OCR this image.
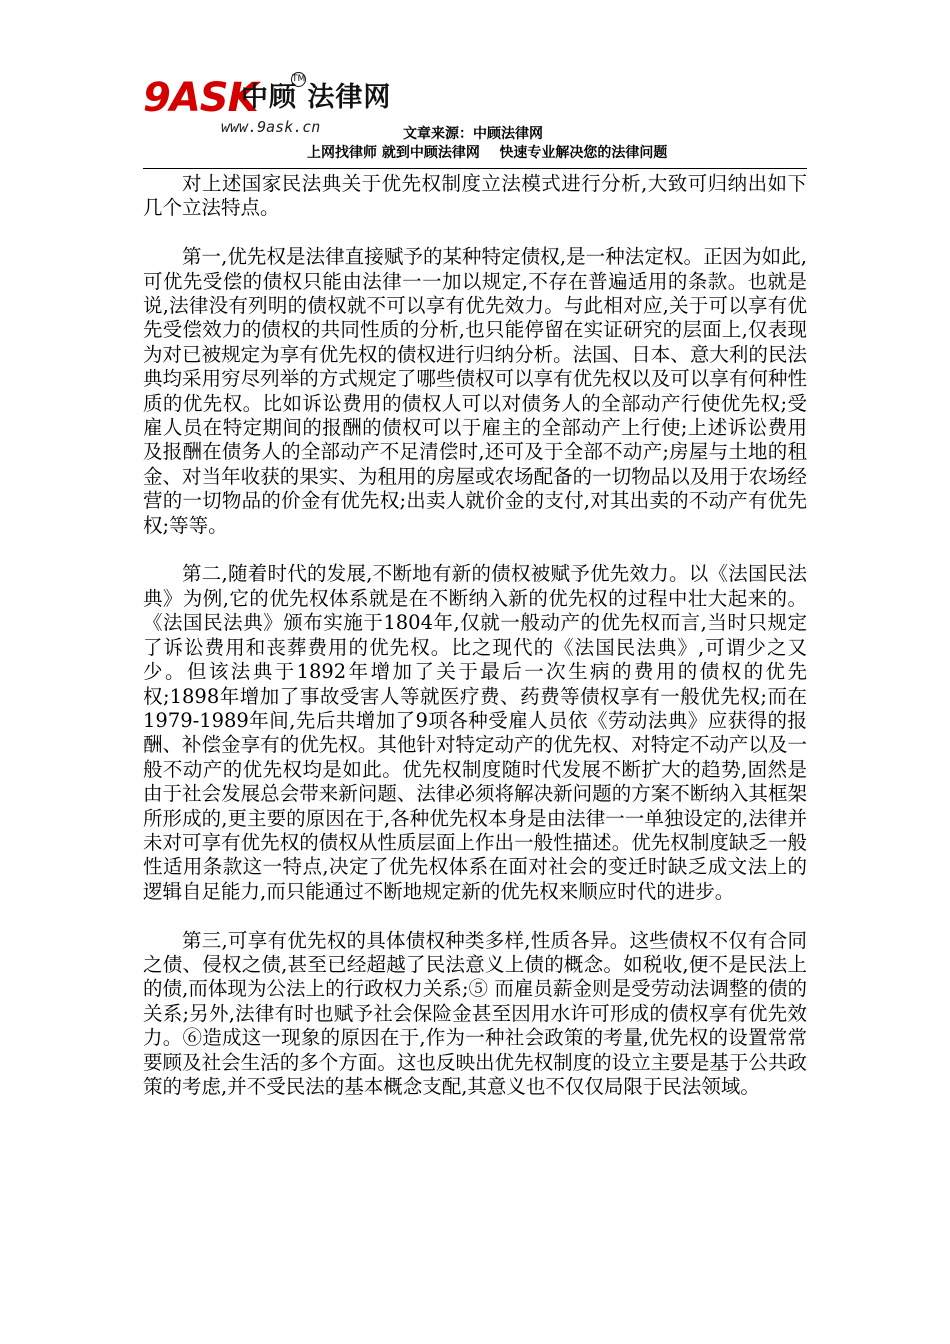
9ASK	TM
中顾 法律网
www.9ask.cn	文章来源：中顾法律网
上网找律师 就到中顾法律网    快速专业解决您的法律问题

对上述国家民法典关于优先权制度立法模式进行分析,大致可归纳出如下几个立法特点。

第一,优先权是法律直接赋予的某种特定债权,是一种法定权。正因为如此,可优先受偿的债权只能由法律一一加以规定,不存在普遍适用的条款。也就是说,法律没有列明的债权就不可以享有优先效力。与此相对应,关于可以享有优先受偿效力的债权的共同性质的分析,也只能停留在实证研究的层面上,仅表现为对已被规定为享有优先权的债权进行归纳分析。法国、日本、意大利的民法典均采用穷尽列举的方式规定了哪些债权可以享有优先权以及可以享有何种性质的优先权。比如诉讼费用的债权人可以对债务人的全部动产行使优先权;受雇人员在特定期间的报酬的债权可以于雇主的全部动产上行使;上述诉讼费用及报酬在债务人的全部动产不足清偿时,还可及于全部不动产;房屋与土地的租金、对当年收获的果实、为租用的房屋或农场配备的一切物品以及用于农场经营的一切物品的价金有优先权;出卖人就价金的支付,对其出卖的不动产有优先权;等等。

第二,随着时代的发展,不断地有新的债权被赋予优先效力。以《法国民法典》为例,它的优先权体系就是在不断纳入新的优先权的过程中壮大起来的。《法国民法典》颁布实施于1804年,仅就一般动产的优先权而言,当时只规定了诉讼费用和丧葬费用的优先权。比之现代的《法国民法典》,可谓少之又少。但该法典于1892年增加了关于最后一次生病的费用的债权的优先权;1898年增加了事故受害人等就医疗费、药费等债权享有一般优先权;而在1979-1989年间,先后共增加了9项各种受雇人员依《劳动法典》应获得的报酬、补偿金享有的优先权。其他针对特定动产的优先权、对特定不动产以及一般不动产的优先权均是如此。优先权制度随时代发展不断扩大的趋势,固然是由于社会发展总会带来新问题、法律必须将解决新问题的方案不断纳入其框架所形成的,更主要的原因在于,各种优先权本身是由法律一一单独设定的,法律并未对可享有优先权的债权从性质层面上作出一般性描述。优先权制度缺乏一般性适用条款这一特点,决定了优先权体系在面对社会的变迁时缺乏成文法上的逻辑自足能力,而只能通过不断地规定新的优先权来顺应时代的进步。

第三,可享有优先权的具体债权种类多样,性质各异。这些债权不仅有合同之债、侵权之债,甚至已经超越了民法意义上债的概念。如税收,便不是民法上的债,而体现为公法上的行政权力关系;⑤ 而雇员薪金则是受劳动法调整的债的关系;另外,法律有时也赋予社会保险金甚至因用水许可形成的债权享有优先效力。⑥造成这一现象的原因在于,作为一种社会政策的考量,优先权的设置常常要顾及社会生活的多个方面。这也反映出优先权制度的设立主要是基于公共政策的考虑,并不受民法的基本概念支配,其意义也不仅仅局限于民法领域。
